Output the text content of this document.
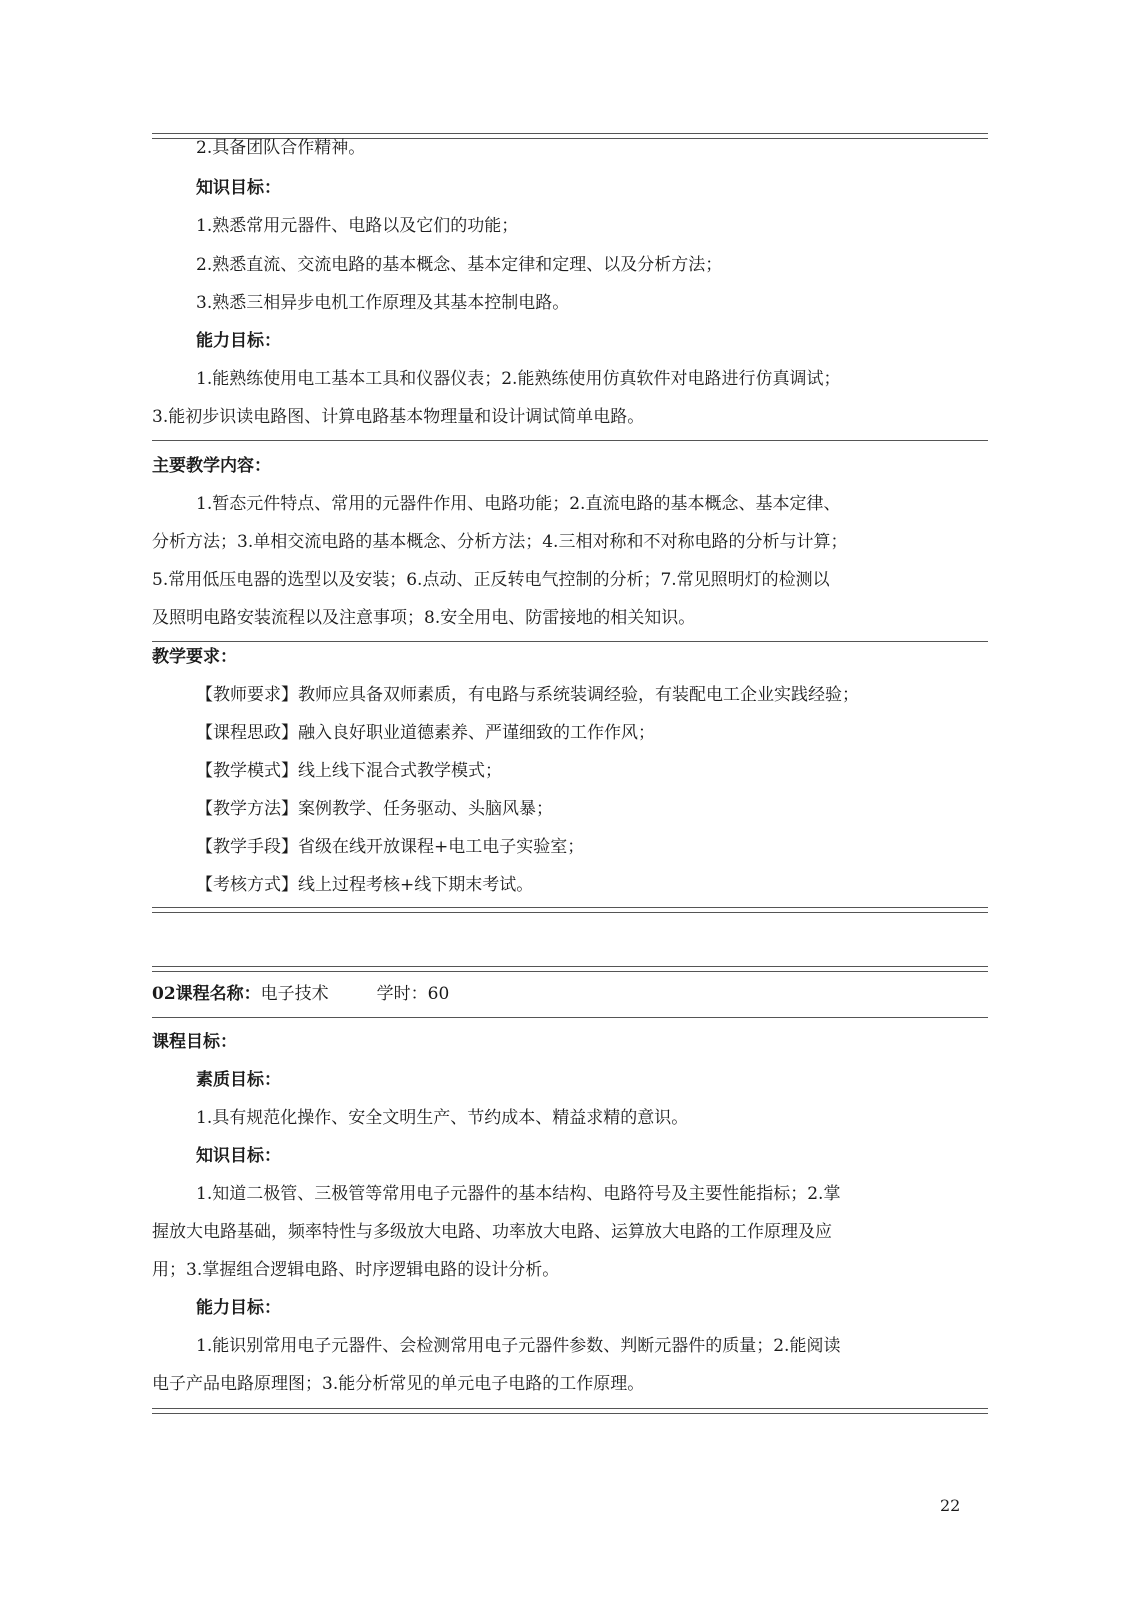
2.具备团队合作精神。
知识目标：
1.熟悉常用元器件、电路以及它们的功能；
2.熟悉直流、交流电路的基本概念、基本定律和定理、以及分析方法；
3.熟悉三相异步电机工作原理及其基本控制电路。
能力目标：
1.能熟练使用电工基本工具和仪器仪表；2.能熟练使用仿真软件对电路进行仿真调试；
3.能初步识读电路图、计算电路基本物理量和设计调试简单电路。
主要教学内容：
1.暂态元件特点、常用的元器件作用、电路功能；2.直流电路的基本概念、基本定律、
分析方法；3.单相交流电路的基本概念、分析方法；4.三相对称和不对称电路的分析与计算；
5.常用低压电器的选型以及安装；6.点动、正反转电气控制的分析；7.常见照明灯的检测以
及照明电路安装流程以及注意事项；8.安全用电、防雷接地的相关知识。
教学要求：
【教师要求】教师应具备双师素质，有电路与系统装调经验，有装配电工企业实践经验；
【课程思政】融入良好职业道德素养、严谨细致的工作作风；
【教学模式】线上线下混合式教学模式；
【教学方法】案例教学、任务驱动、头脑风暴；
【教学手段】省级在线开放课程+电工电子实验室；
【考核方式】线上过程考核+线下期末考试。
02课程名称：电子技术	学时：60
课程目标：
素质目标：
1.具有规范化操作、安全文明生产、节约成本、精益求精的意识。
知识目标：
1.知道二极管、三极管等常用电子元器件的基本结构、电路符号及主要性能指标；2.掌
握放大电路基础，频率特性与多级放大电路、功率放大电路、运算放大电路的工作原理及应
用；3.掌握组合逻辑电路、时序逻辑电路的设计分析。
能力目标：
1.能识别常用电子元器件、会检测常用电子元器件参数、判断元器件的质量；2.能阅读
电子产品电路原理图；3.能分析常见的单元电子电路的工作原理。
22
